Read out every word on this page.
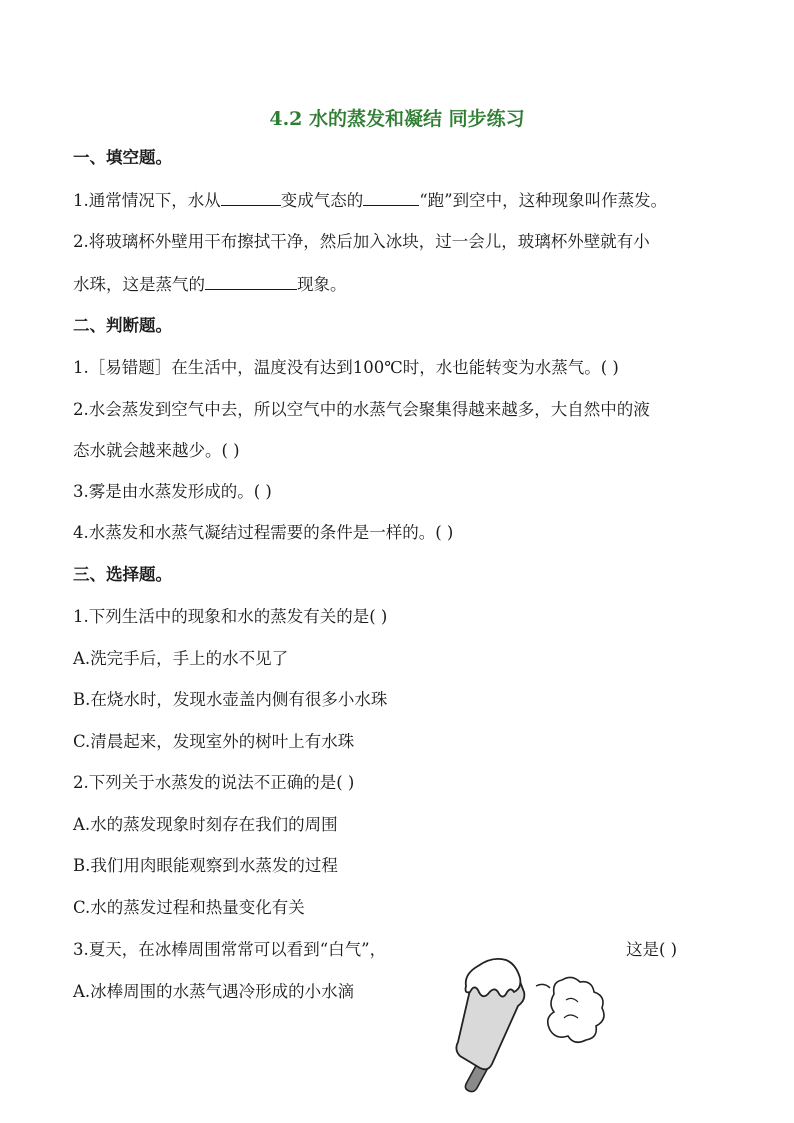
4.2 水的蒸发和凝结 同步练习
一、填空题。
1.通常情况下，水从	变成气态的	“跑”到空中，这种现象叫作蒸发。
2.将玻璃杯外壁用干布擦拭干净，然后加入冰块，过一会儿，玻璃杯外壁就有小
水珠，这是蒸气的	现象。
二、判断题。
1.［易错题］在生活中，温度没有达到100℃时，水也能转变为水蒸气。( )
2.水会蒸发到空气中去，所以空气中的水蒸气会聚集得越来越多，大自然中的液
态水就会越来越少。( )
3.雾是由水蒸发形成的。( )
4.水蒸发和水蒸气凝结过程需要的条件是一样的。( )
三、选择题。
1.下列生活中的现象和水的蒸发有关的是( )
A.洗完手后，手上的水不见了
B.在烧水时，发现水壶盖内侧有很多小水珠
C.清晨起来，发现室外的树叶上有水珠
2.下列关于水蒸发的说法不正确的是( )
A.水的蒸发现象时刻存在我们的周围
B.我们用肉眼能观察到水蒸发的过程
C.水的蒸发过程和热量变化有关
3.夏天，在冰棒周围常常可以看到“白气”，	这是( )
A.冰棒周围的水蒸气遇冷形成的小水滴
